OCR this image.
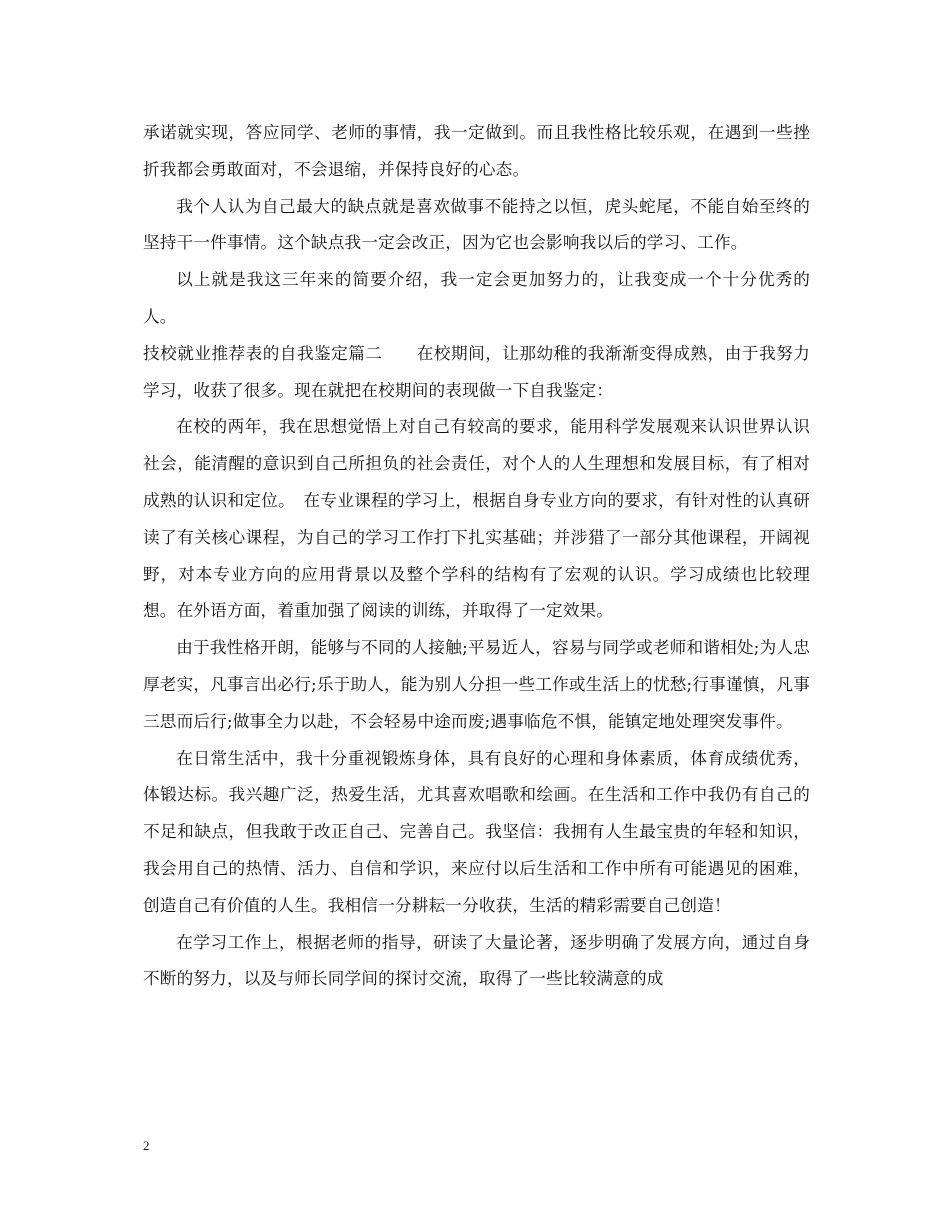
承诺就实现，答应同学、老师的事情，我一定做到。而且我性格比较乐观，在遇到一些挫折我都会勇敢面对，不会退缩，并保持良好的心态。

我个人认为自己最大的缺点就是喜欢做事不能持之以恒，虎头蛇尾，不能自始至终的坚持干一件事情。这个缺点我一定会改正，因为它也会影响我以后的学习、工作。

以上就是我这三年来的简要介绍，我一定会更加努力的，让我变成一个十分优秀的人。

技校就业推荐表的自我鉴定篇二　　在校期间，让那幼稚的我渐渐变得成熟，由于我努力学习，收获了很多。现在就把在校期间的表现做一下自我鉴定：

在校的两年，我在思想觉悟上对自己有较高的要求，能用科学发展观来认识世界认识社会，能清醒的意识到自己所担负的社会责任，对个人的人生理想和发展目标，有了相对成熟的认识和定位。　在专业课程的学习上，根据自身专业方向的要求，有针对性的认真研读了有关核心课程，为自己的学习工作打下扎实基础；并涉猎了一部分其他课程，开阔视野，对本专业方向的应用背景以及整个学科的结构有了宏观的认识。学习成绩也比较理想。在外语方面，着重加强了阅读的训练，并取得了一定效果。

由于我性格开朗，能够与不同的人接触;平易近人，容易与同学或老师和谐相处;为人忠厚老实，凡事言出必行;乐于助人，能为别人分担一些工作或生活上的忧愁;行事谨慎，凡事三思而后行;做事全力以赴，不会轻易中途而废;遇事临危不惧，能镇定地处理突发事件。

在日常生活中，我十分重视锻炼身体，具有良好的心理和身体素质，体育成绩优秀，体锻达标。我兴趣广泛，热爱生活，尤其喜欢唱歌和绘画。在生活和工作中我仍有自己的不足和缺点，但我敢于改正自己、完善自己。我坚信：我拥有人生最宝贵的年轻和知识，我会用自己的热情、活力、自信和学识，来应付以后生活和工作中所有可能遇见的困难，创造自己有价值的人生。我相信一分耕耘一分收获，生活的精彩需要自己创造！

在学习工作上，根据老师的指导，研读了大量论著，逐步明确了发展方向，通过自身不断的努力，以及与师长同学间的探讨交流，取得了一些比较满意的成

2
